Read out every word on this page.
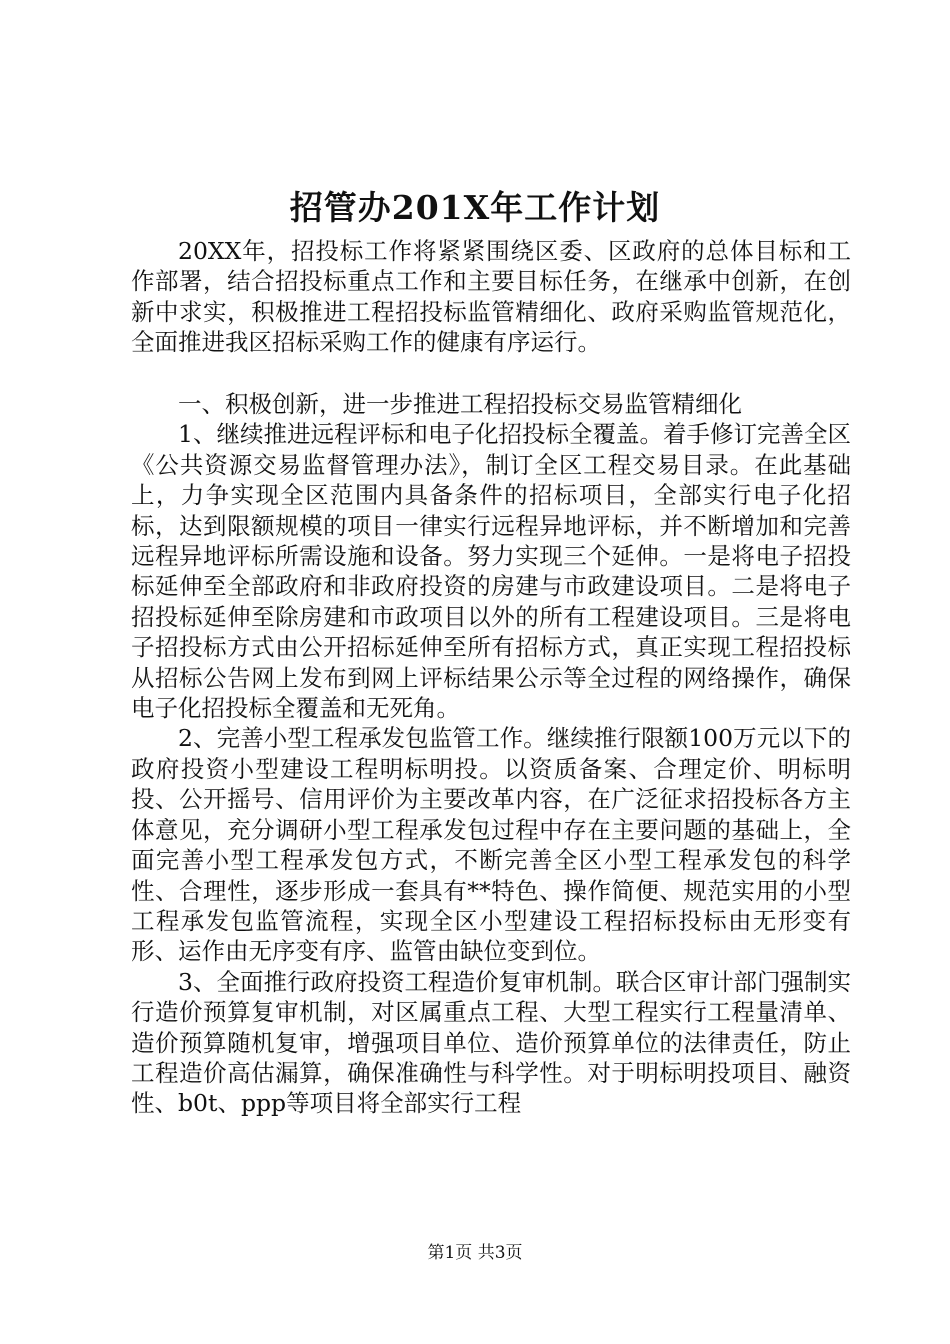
招管办201X年工作计划

20XX年，招投标工作将紧紧围绕区委、区政府的总体目标和工作部署，结合招投标重点工作和主要目标任务，在继承中创新，在创新中求实，积极推进工程招投标监管精细化、政府采购监管规范化，全面推进我区招标采购工作的健康有序运行。

一、积极创新，进一步推进工程招投标交易监管精细化

1、继续推进远程评标和电子化招投标全覆盖。着手修订完善全区《公共资源交易监督管理办法》，制订全区工程交易目录。在此基础上，力争实现全区范围内具备条件的招标项目，全部实行电子化招标，达到限额规模的项目一律实行远程异地评标，并不断增加和完善远程异地评标所需设施和设备。努力实现三个延伸。一是将电子招投标延伸至全部政府和非政府投资的房建与市政建设项目。二是将电子招投标延伸至除房建和市政项目以外的所有工程建设项目。三是将电子招投标方式由公开招标延伸至所有招标方式，真正实现工程招投标从招标公告网上发布到网上评标结果公示等全过程的网络操作，确保电子化招投标全覆盖和无死角。

2、完善小型工程承发包监管工作。继续推行限额100万元以下的政府投资小型建设工程明标明投。以资质备案、合理定价、明标明投、公开摇号、信用评价为主要改革内容，在广泛征求招投标各方主体意见，充分调研小型工程承发包过程中存在主要问题的基础上，全面完善小型工程承发包方式，不断完善全区小型工程承发包的科学性、合理性，逐步形成一套具有**特色、操作简便、规范实用的小型工程承发包监管流程，实现全区小型建设工程招标投标由无形变有形、运作由无序变有序、监管由缺位变到位。

3、全面推行政府投资工程造价复审机制。联合区审计部门强制实行造价预算复审机制，对区属重点工程、大型工程实行工程量清单、造价预算随机复审，增强项目单位、造价预算单位的法律责任，防止工程造价高估漏算，确保准确性与科学性。对于明标明投项目、融资性、b0t、ppp等项目将全部实行工程

第1页 共3页
